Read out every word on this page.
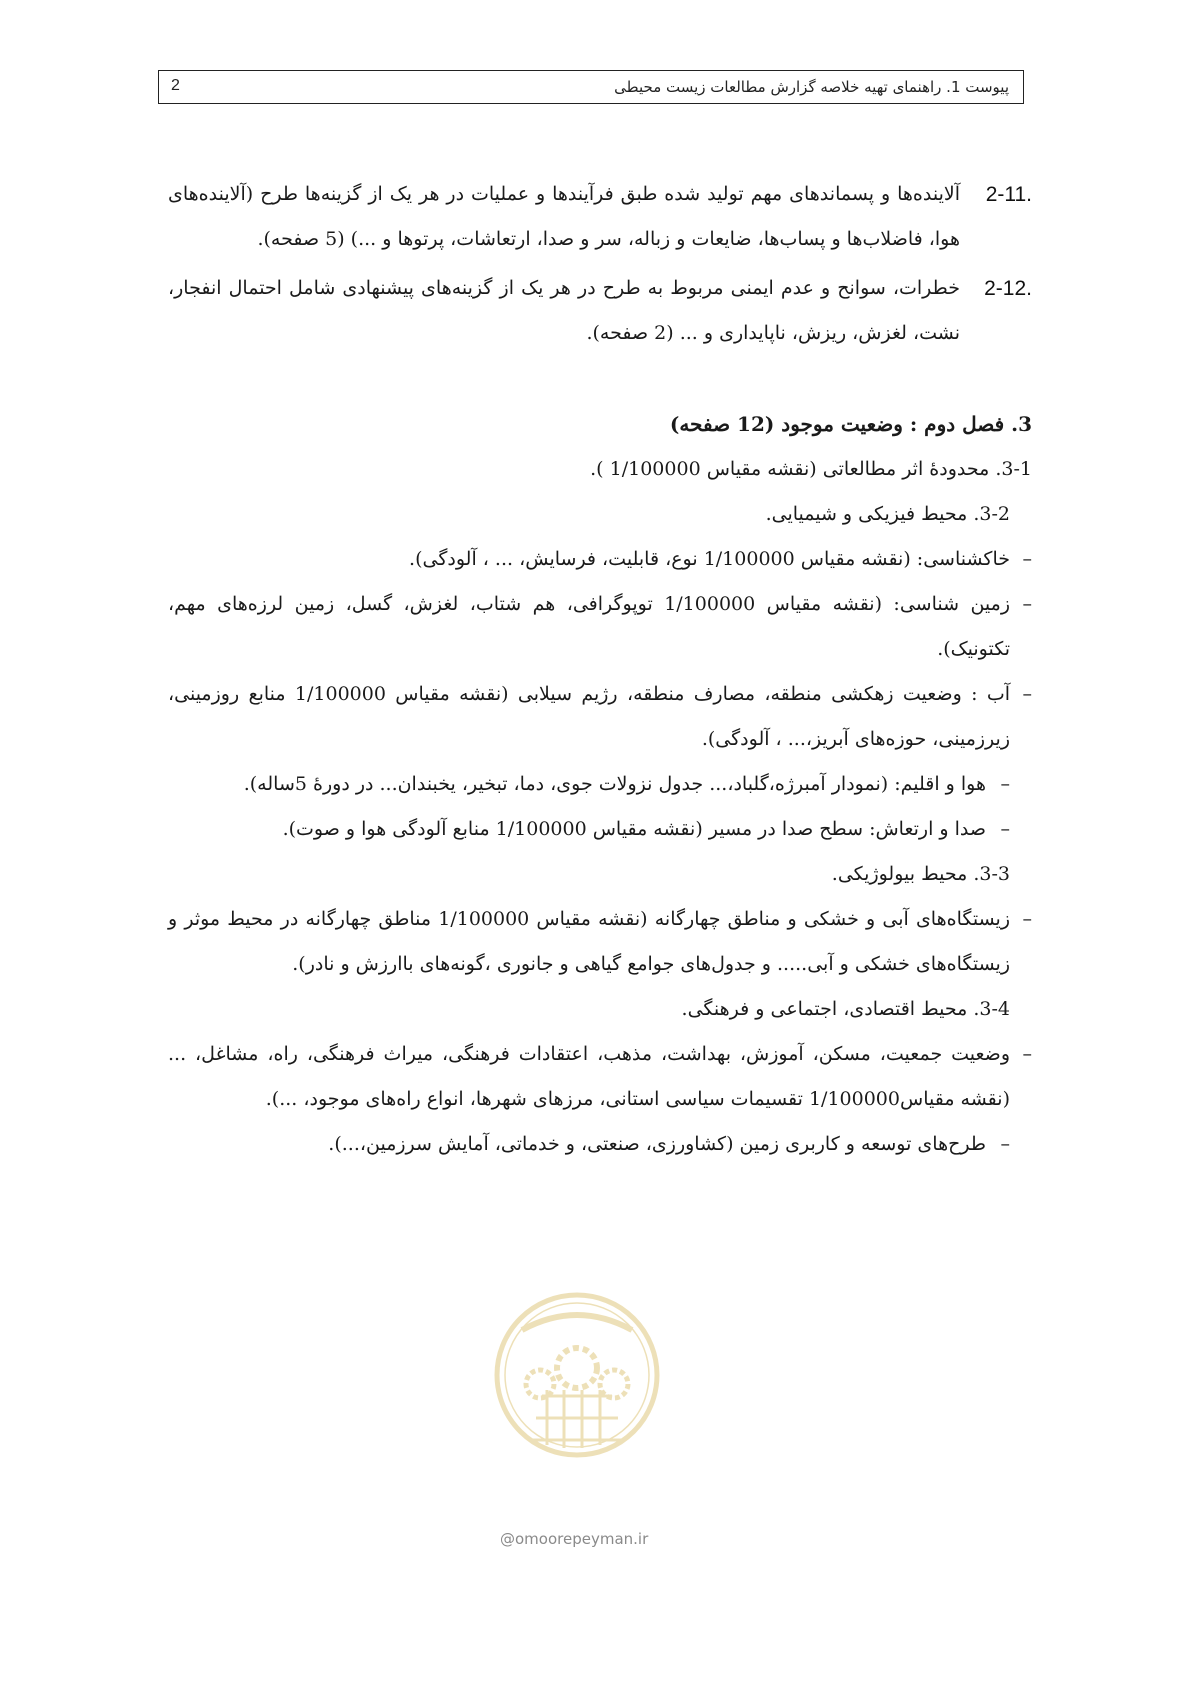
پیوست 1. راهنمای تهیه خلاصه گزارش مطالعات زیست محیطی
2
2-11.
آلاینده‌ها و پسماندهای مهم تولید شده طبق فرآیندها و عملیات در هر یک از گزینه‌ها طرح (آلاینده‌های هوا، فاضلاب‌ها و پساب‌ها، ضایعات و زباله، سر و صدا، ارتعاشات، پرتوها و ...) (5 صفحه).
2-12.
خطرات، سوانح و عدم ایمنی مربوط به طرح در هر یک از گزینه‌های پیشنهادی شامل احتمال انفجار، نشت، لغزش، ریزش، ناپایداری و ... (2 صفحه).
3. فصل دوم : وضعیت موجود (12 صفحه)
3-1. محدودهٔ اثر مطالعاتی (نقشه مقیاس 1/100000 ).
3-2. محیط فیزیکی و شیمیایی.
–
خاکشناسی: (نقشه مقیاس 1/100000 نوع، قابلیت، فرسایش، ... ، آلودگی).
–
زمین شناسی: (نقشه مقیاس 1/100000 توپوگرافی، هم شتاب، لغزش، گسل، زمین لرزه‌های مهم، تکتونیک).
–
آب : وضعیت زهکشی منطقه، مصارف منطقه، رژیم سیلابی (نقشه مقیاس 1/100000 منابع روزمینی، زیرزمینی، حوزه‌های آبریز،... ، آلودگی).
–
هوا و اقلیم: (نمودار آمبرژه،گلباد،... جدول نزولات جوی، دما، تبخیر، یخبندان... در دورهٔ 5ساله).
–
صدا و ارتعاش: سطح صدا در مسیر (نقشه مقیاس 1/100000 منابع آلودگی هوا و صوت).
3-3. محیط بیولوژیکی.
–
زیستگاه‌های آبی و خشکی و مناطق چهارگانه (نقشه مقیاس 1/100000 مناطق چهارگانه در محیط موثر و زیستگاه‌های خشکی و آبی..... و جدول‌های جوامع گیاهی و جانوری ،گونه‌های باارزش و نادر).
3-4. محیط اقتصادی، اجتماعی و فرهنگی.
–
وضعیت جمعیت، مسکن، آموزش، بهداشت، مذهب، اعتقادات فرهنگی، میراث فرهنگی، راه، مشاغل، ...(نقشه مقیاس1/100000 تقسیمات سیاسی استانی، مرزهای شهرها، انواع راه‌های موجود، ...).
–
طرح‌های توسعه و کاربری زمین (کشاورزی، صنعتی، و خدماتی، آمایش سرزمین،...).
@omoorepeyman.ir
